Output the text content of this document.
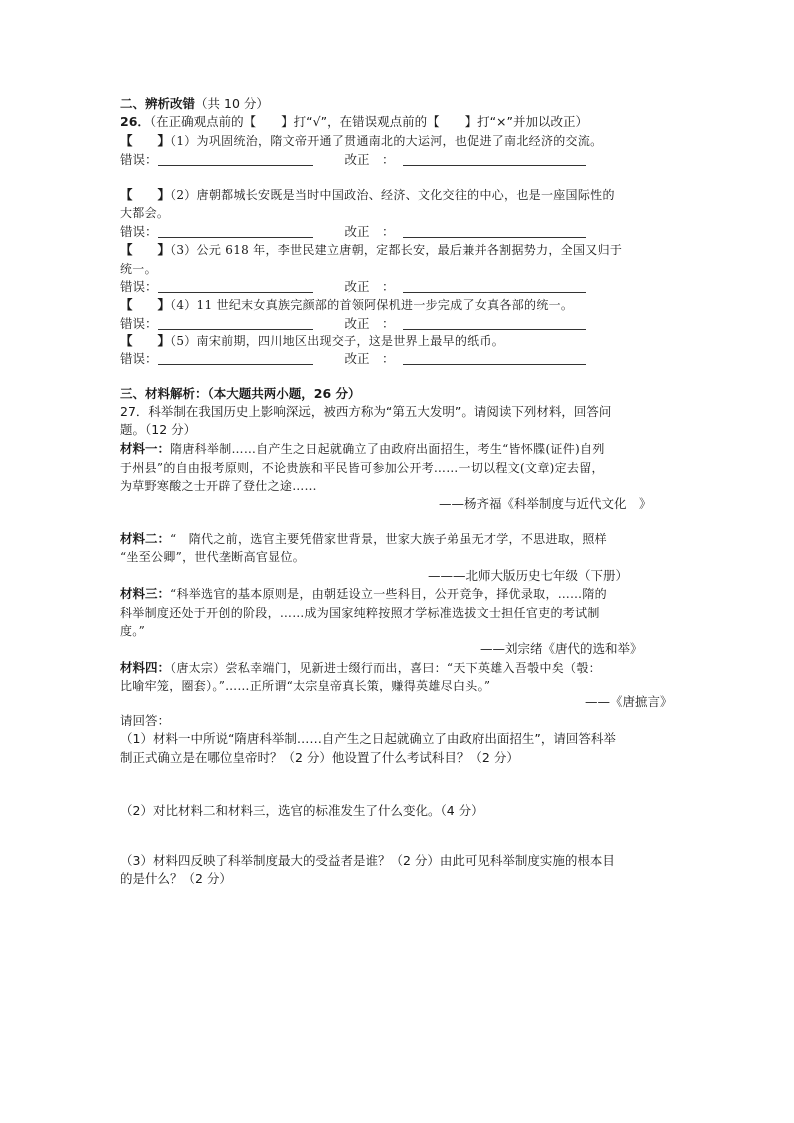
二、辨析改错（共 10 分）
26．（在正确观点前的【　　】打“√”，在错误观点前的【　　】打“×”并加以改正）
【　　】（1）为巩固统治，隋文帝开通了贯通南北的大运河，也促进了南北经济的交流。
错误：	改正　：
【　　】（2）唐朝都城长安既是当时中国政治、经济、文化交往的中心，也是一座国际性的
大都会。
错误：	改正　：
【　　】（3）公元 618 年，李世民建立唐朝，定都长安，最后兼并各割据势力，全国又归于
统一。
错误：	改正　：
【　　】（4）11 世纪末女真族完颜部的首领阿保机进一步完成了女真各部的统一。
错误：	改正　：
【　　】（5）南宋前期，四川地区出现交子，这是世界上最早的纸币。
错误：	改正　：
三、材料解析：（本大题共两小题，26 分）
27．科举制在我国历史上影响深远，被西方称为“第五大发明”。请阅读下列材料，回答问
题。（12 分）
材料一：隋唐科举制……自产生之日起就确立了由政府出面招生，考生“皆怀牒(证件)自列
于州县”的自由报考原则，不论贵族和平民皆可参加公开考……一切以程文(文章)定去留，
为草野寒酸之士开辟了登仕之途……
——杨齐福《科举制度与近代文化　》
材料二：“　隋代之前，选官主要凭借家世背景，世家大族子弟虽无才学，不思进取，照样
“坐至公卿”，世代垄断高官显位。
———北师大版历史七年级（下册）
材料三：“科举选官的基本原则是，由朝廷设立一些科目，公开竞争，择优录取，……隋的
科举制度还处于开创的阶段，……成为国家纯粹按照才学标准选拔文士担任官吏的考试制
度。”
——刘宗绪《唐代的选和举》
材料四：（唐太宗）尝私幸端门，见新进士缀行而出，喜曰：“天下英雄入吾彀中矣（彀：
比喻牢笼，圈套）。”……正所谓“太宗皇帝真长策，赚得英雄尽白头。”
——《唐摭言》
请回答：
（1）材料一中所说“隋唐科举制……自产生之日起就确立了由政府出面招生”，请回答科举
制正式确立是在哪位皇帝时？（2 分）他设置了什么考试科目？（2 分）
（2）对比材料二和材料三，选官的标准发生了什么变化。（4 分）
（3）材料四反映了科举制度最大的受益者是谁？（2 分）由此可见科举制度实施的根本目
的是什么？（2 分）
